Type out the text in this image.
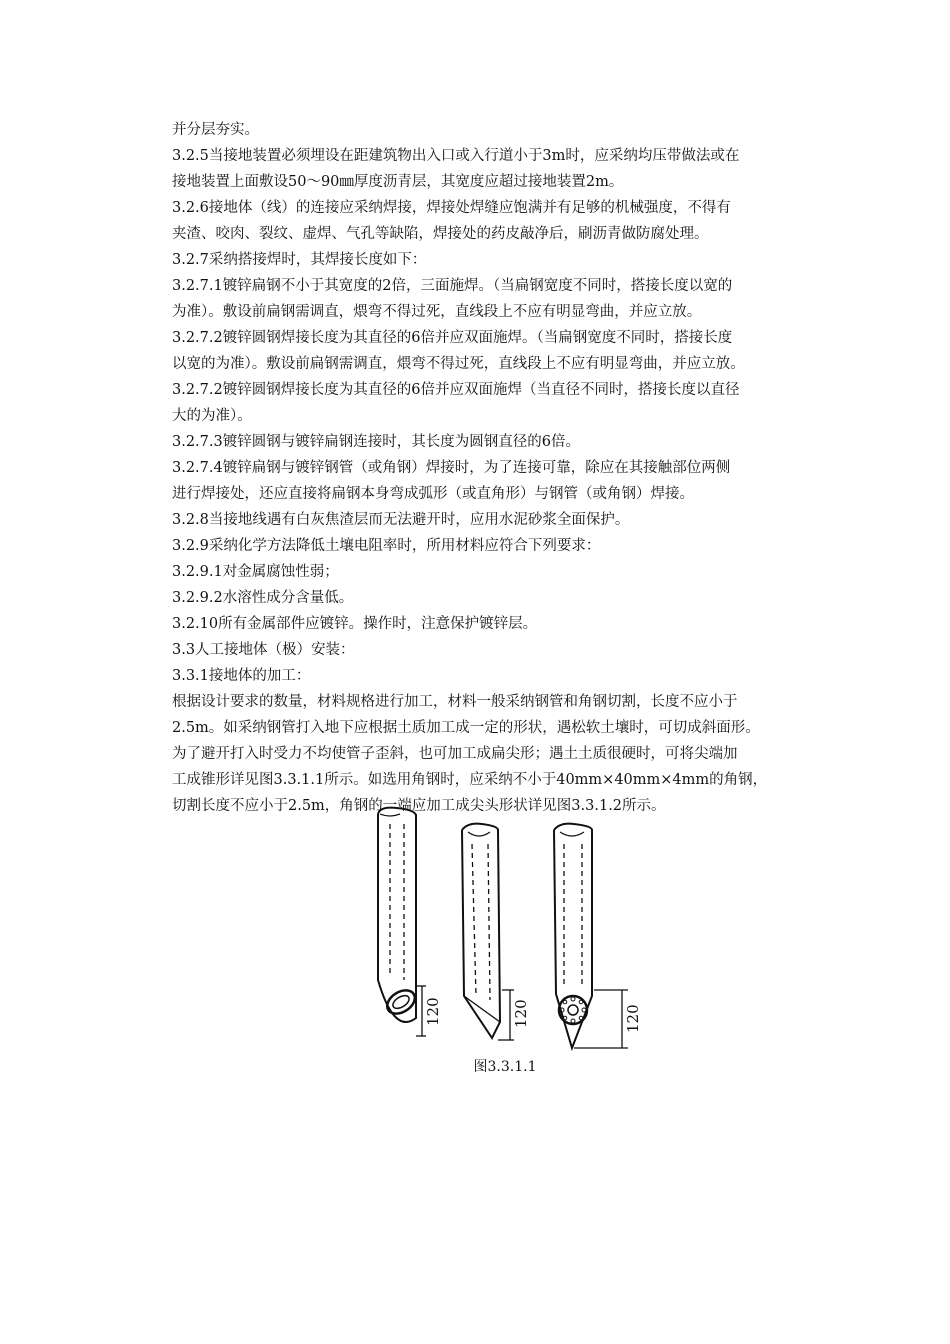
并分层夯实。
3.2.5当接地装置必须埋设在距建筑物出入口或入行道小于3m时，应采纳均压带做法或在
接地装置上面敷设50～90㎜厚度沥青层，其宽度应超过接地装置2m。
3.2.6接地体（线）的连接应采纳焊接，焊接处焊缝应饱满并有足够的机械强度，不得有
夹渣、咬肉、裂纹、虚焊、气孔等缺陷，焊接处的药皮敲净后，刷沥青做防腐处理。
3.2.7采纳搭接焊时，其焊接长度如下：
3.2.7.1镀锌扁钢不小于其宽度的2倍，三面施焊。（当扁钢宽度不同时，搭接长度以宽的
为准）。敷设前扁钢需调直，煨弯不得过死，直线段上不应有明显弯曲，并应立放。
3.2.7.2镀锌圆钢焊接长度为其直径的6倍并应双面施焊。（当扁钢宽度不同时，搭接长度
以宽的为准）。敷设前扁钢需调直，煨弯不得过死，直线段上不应有明显弯曲，并应立放。
3.2.7.2镀锌圆钢焊接长度为其直径的6倍并应双面施焊（当直径不同时，搭接长度以直径
大的为准）。
3.2.7.3镀锌圆钢与镀锌扁钢连接时，其长度为圆钢直径的6倍。
3.2.7.4镀锌扁钢与镀锌钢管（或角钢）焊接时，为了连接可靠，除应在其接触部位两侧
进行焊接处，还应直接将扁钢本身弯成弧形（或直角形）与钢管（或角钢）焊接。
3.2.8当接地线遇有白灰焦渣层而无法避开时，应用水泥砂浆全面保护。
3.2.9采纳化学方法降低土壤电阻率时，所用材料应符合下列要求：
3.2.9.1对金属腐蚀性弱；
3.2.9.2水溶性成分含量低。
3.2.10所有金属部件应镀锌。操作时，注意保护镀锌层。
3.3人工接地体（极）安装：
3.3.1接地体的加工：
根据设计要求的数量，材料规格进行加工，材料一般采纳钢管和角钢切割，长度不应小于
2.5m。如采纳钢管打入地下应根据土质加工成一定的形状，遇松软土壤时，可切成斜面形。
为了避开打入时受力不均使管子歪斜，也可加工成扁尖形；遇土土质很硬时，可将尖端加
工成锥形详见图3.3.1.1所示。如选用角钢时，应采纳不小于40mm×40mm×4mm的角钢，
切割长度不应小于2.5m，角钢的一端应加工成尖头形状详见图3.3.1.2所示。
120	120	120
图3.3.1.1
